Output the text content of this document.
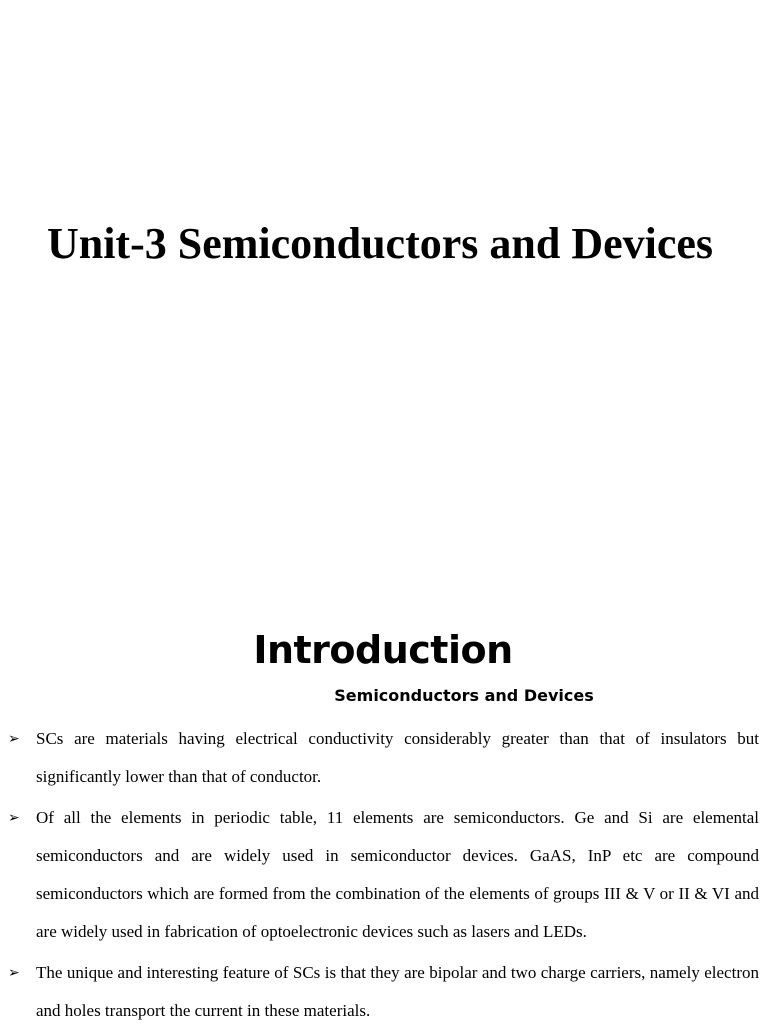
Unit-3 Semiconductors and Devices
Introduction
Semiconductors and Devices
➢ SCs are materials having electrical conductivity considerably greater than that of insulators but significantly lower than that of conductor.
➢ Of all the elements in periodic table, 11 elements are semiconductors. Ge and Si are elemental semiconductors and are widely used in semiconductor devices. GaAS, InP etc are compound semiconductors which are formed from the combination of the elements of groups III & V or II & VI and are widely used in fabrication of optoelectronic devices such as lasers and LEDs.
➢ The unique and interesting feature of SCs is that they are bipolar and two charge carriers, namely electron and holes transport the current in these materials.
